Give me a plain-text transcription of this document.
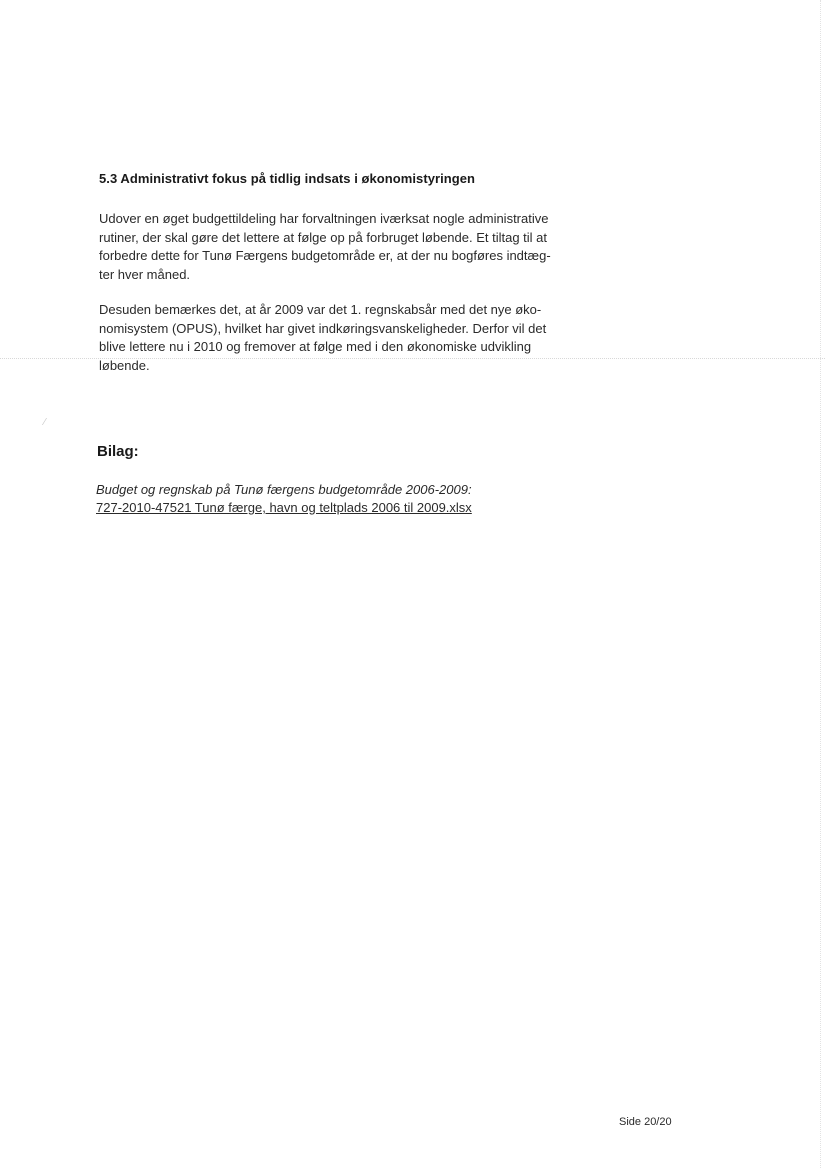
⁄
5.3 Administrativt fokus på tidlig indsats i økonomistyringen

Udover en øget budgettildeling har forvaltningen iværksat nogle administrative
rutiner, der skal gøre det lettere at følge op på forbruget løbende. Et tiltag til at
forbedre dette for Tunø Færgens budgetområde er, at der nu bogføres indtæg-
ter hver måned.

Desuden bemærkes det, at år 2009 var det 1. regnskabsår med det nye øko-
nomisystem (OPUS), hvilket har givet indkøringsvanskeligheder. Derfor vil det
blive lettere nu i 2010 og fremover at følge med i den økonomiske udvikling
løbende.

Bilag:

Budget og regnskab på Tunø færgens budgetområde 2006-2009:

727-2010-47521 Tunø færge, havn og teltplads 2006 til 2009.xlsx

Side 20/20
